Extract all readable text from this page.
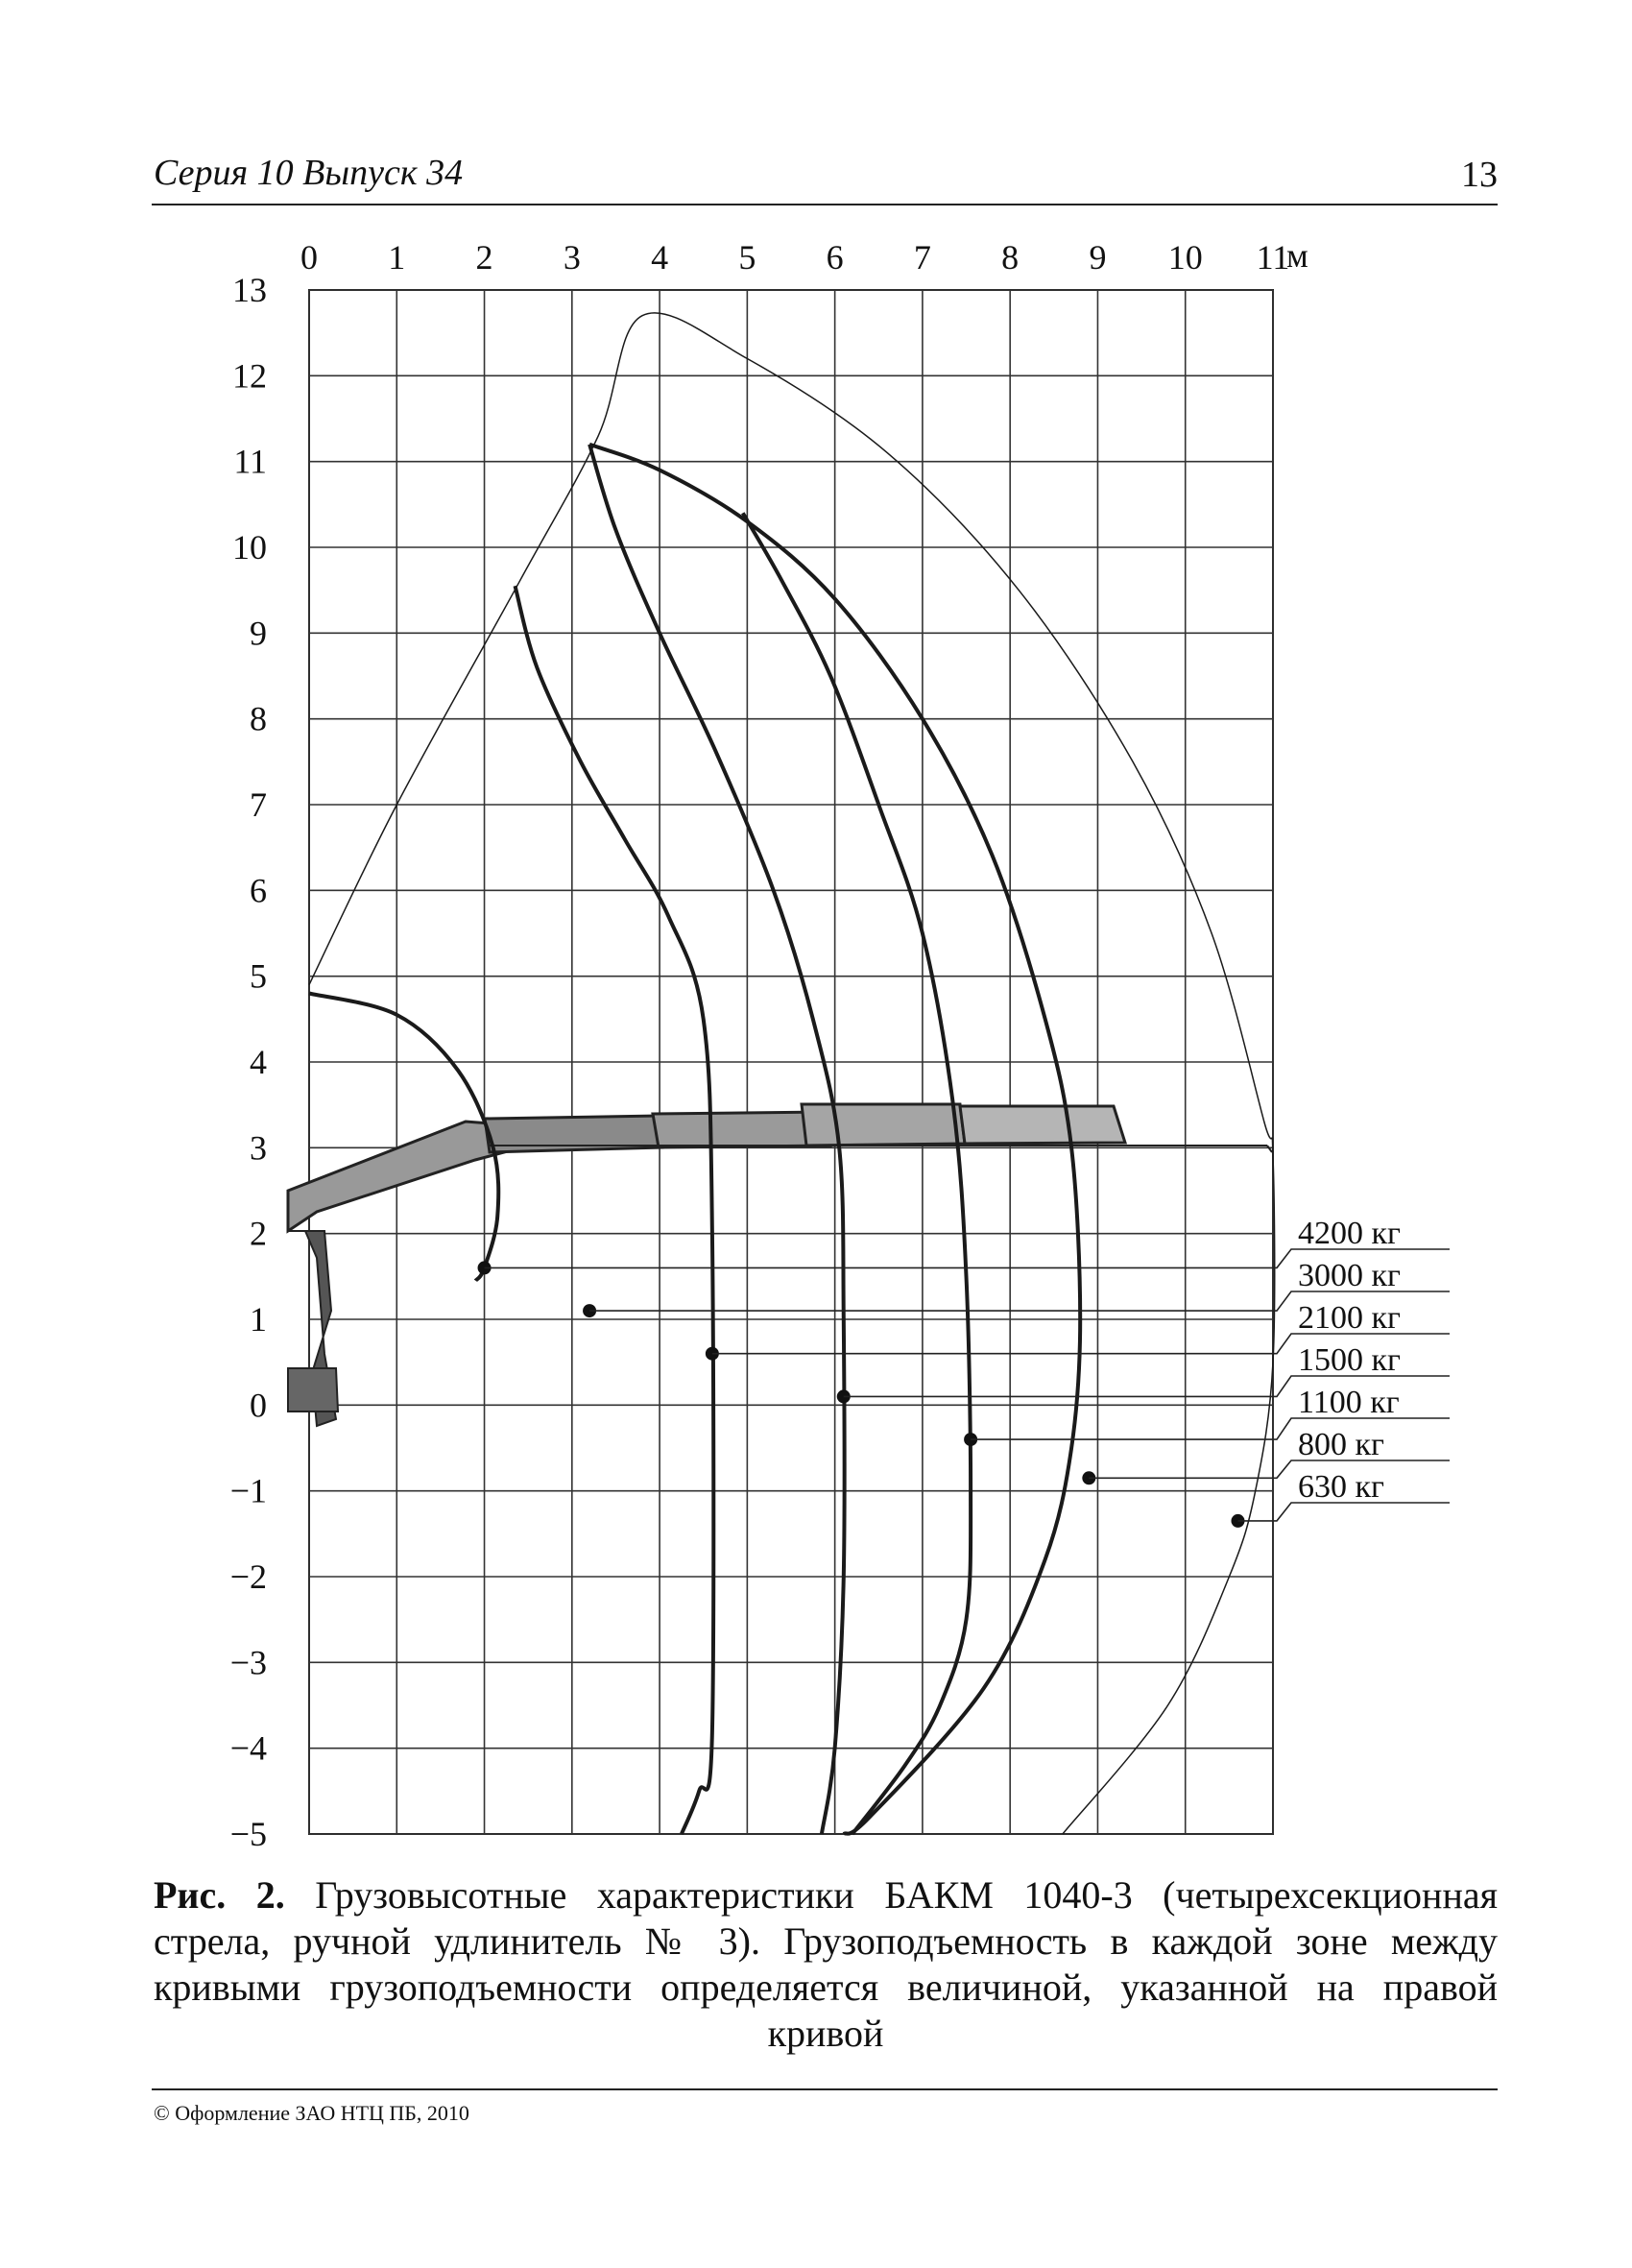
Серия 10 Выпуск 34	13
4200 кг
3000 кг
2100 кг
1500 кг
1100 кг
800 кг
630 кг
0 1 2 3 4 5 6 7 8 9 10 11
13
12
11
10
9
8
7
6
5
4
3
2
1
0
−1
−2
−3
−4
−5
м
Рис. 2. Грузовысотные характеристики БАКМ 1040-3 (четырехсекционная стрела, ручной удлинитель № 3). Грузоподъемность в каждой зоне между кривыми грузоподъемности определяется величиной, указанной на правой кривой
© Оформление ЗАО НТЦ ПБ, 2010
